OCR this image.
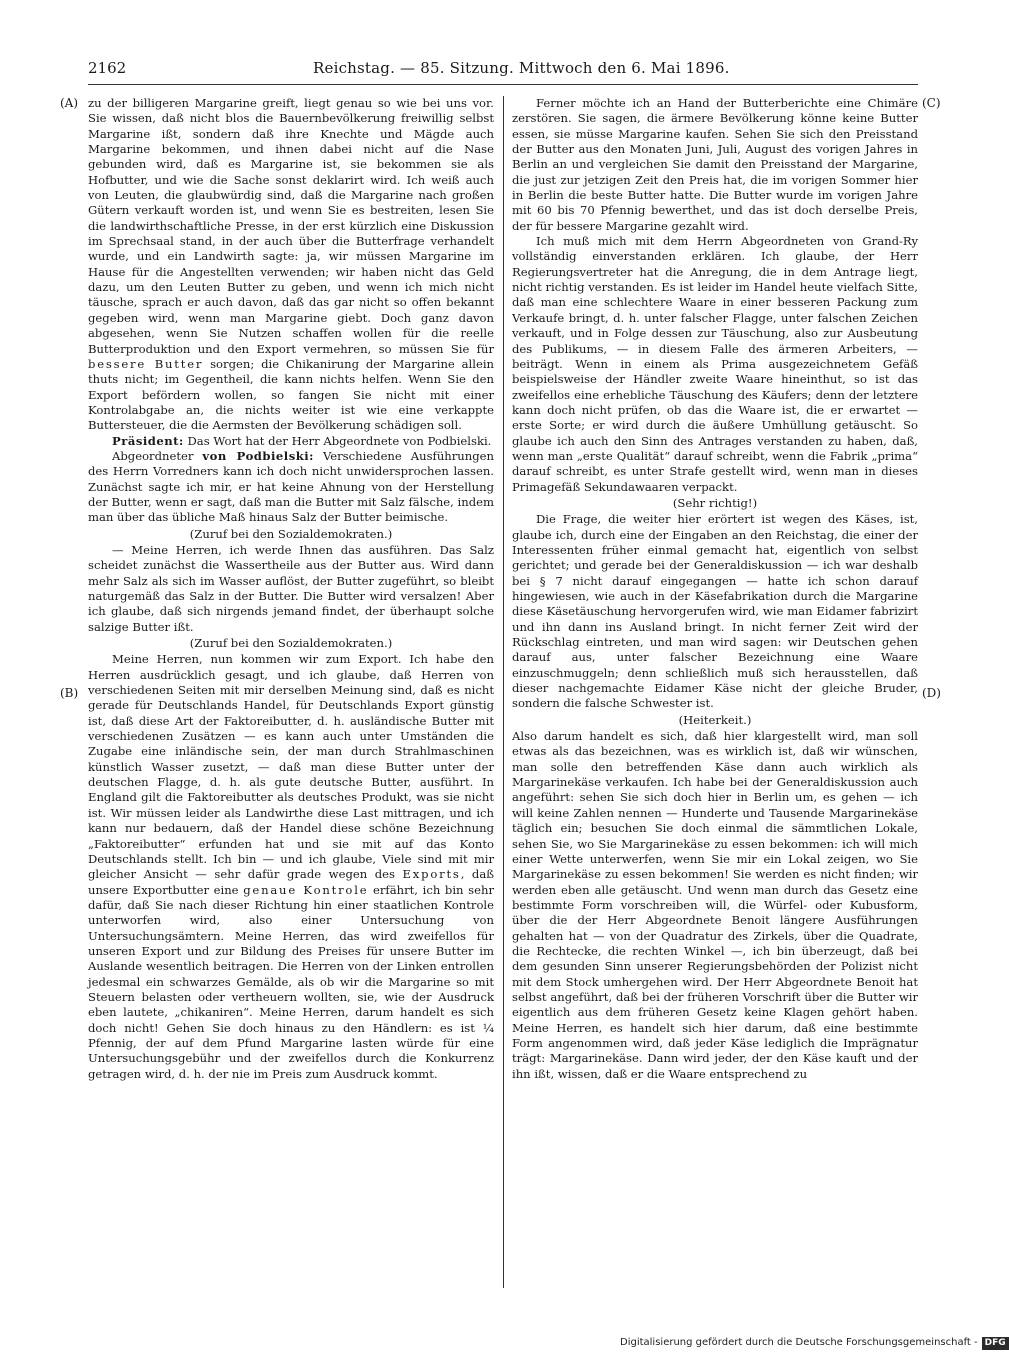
2162	Reichstag. — 85. Sitzung. Mittwoch den 6. Mai 1896.
(A)
(B)
(C)
(D)

zu der billigeren Margarine greift, liegt genau so wie bei uns vor. Sie wissen, daß nicht blos die Bauernbevölkerung freiwillig selbst Margarine ißt, sondern daß ihre Knechte und Mägde auch Margarine bekommen, und ihnen dabei nicht auf die Nase gebunden wird, daß es Margarine ist, sie bekommen sie als Hofbutter, und wie die Sache sonst deklarirt wird. Ich weiß auch von Leuten, die glaubwürdig sind, daß die Margarine nach großen Gütern verkauft worden ist, und wenn Sie es bestreiten, lesen Sie die landwirthschaftliche Presse, in der erst kürzlich eine Diskussion im Sprechsaal stand, in der auch über die Butterfrage verhandelt wurde, und ein Landwirth sagte: ja, wir müssen Margarine im Hause für die Angestellten verwenden; wir haben nicht das Geld dazu, um den Leuten Butter zu geben, und wenn ich mich nicht täusche, sprach er auch davon, daß das gar nicht so offen bekannt gegeben wird, wenn man Margarine giebt. Doch ganz davon abgesehen, wenn Sie Nutzen schaffen wollen für die reelle Butterproduktion und den Export vermehren, so müssen Sie für bessere Butter sorgen; die Chikanirung der Margarine allein thuts nicht; im Gegentheil, die kann nichts helfen. Wenn Sie den Export befördern wollen, so fangen Sie nicht mit einer Kontrolabgabe an, die nichts weiter ist wie eine verkappte Buttersteuer, die die Aermsten der Bevölkerung schädigen soll.

Präsident: Das Wort hat der Herr Abgeordnete von Podbielski.

Abgeordneter von Podbielski: Verschiedene Ausführungen des Herrn Vorredners kann ich doch nicht unwidersprochen lassen. Zunächst sagte ich mir, er hat keine Ahnung von der Herstellung der Butter, wenn er sagt, daß man die Butter mit Salz fälsche, indem man über das übliche Maß hinaus Salz der Butter beimische.

(Zuruf bei den Sozialdemokraten.)

— Meine Herren, ich werde Ihnen das ausführen. Das Salz scheidet zunächst die Wassertheile aus der Butter aus. Wird dann mehr Salz als sich im Wasser auflöst, der Butter zugeführt, so bleibt naturgemäß das Salz in der Butter. Die Butter wird versalzen! Aber ich glaube, daß sich nirgends jemand findet, der überhaupt solche salzige Butter ißt.

(Zuruf bei den Sozialdemokraten.)

Meine Herren, nun kommen wir zum Export. Ich habe den Herren ausdrücklich gesagt, und ich glaube, daß Herren von verschiedenen Seiten mit mir derselben Meinung sind, daß es nicht gerade für Deutschlands Handel, für Deutschlands Export günstig ist, daß diese Art der Faktoreibutter, d. h. ausländische Butter mit verschiedenen Zusätzen — es kann auch unter Umständen die Zugabe eine inländische sein, der man durch Strahlmaschinen künstlich Wasser zusetzt, — daß man diese Butter unter der deutschen Flagge, d. h. als gute deutsche Butter, ausführt. In England gilt die Faktoreibutter als deutsches Produkt, was sie nicht ist. Wir müssen leider als Landwirthe diese Last mittragen, und ich kann nur bedauern, daß der Handel diese schöne Bezeichnung „Faktoreibutter“ erfunden hat und sie mit auf das Konto Deutschlands stellt. Ich bin — und ich glaube, Viele sind mit mir gleicher Ansicht — sehr dafür grade wegen des Exports, daß unsere Exportbutter eine genaue Kontrole erfährt, ich bin sehr dafür, daß Sie nach dieser Richtung hin einer staatlichen Kontrole unterworfen wird, also einer Untersuchung von Untersuchungsämtern. Meine Herren, das wird zweifellos für unseren Export und zur Bildung des Preises für unsere Butter im Auslande wesentlich beitragen. Die Herren von der Linken entrollen jedesmal ein schwarzes Gemälde, als ob wir die Margarine so mit Steuern belasten oder vertheuern wollten, sie, wie der Ausdruck eben lautete, „chikaniren“. Meine Herren, darum handelt es sich doch nicht! Gehen Sie doch hinaus zu den Händlern: es ist ¼ Pfennig, der auf dem Pfund Margarine lasten würde für eine Untersuchungsgebühr und der zweifellos durch die Konkurrenz getragen wird, d. h. der nie im Preis zum Ausdruck kommt.

Ferner möchte ich an Hand der Butterberichte eine Chimäre zerstören. Sie sagen, die ärmere Bevölkerung könne keine Butter essen, sie müsse Margarine kaufen. Sehen Sie sich den Preisstand der Butter aus den Monaten Juni, Juli, August des vorigen Jahres in Berlin an und vergleichen Sie damit den Preisstand der Margarine, die just zur jetzigen Zeit den Preis hat, die im vorigen Sommer hier in Berlin die beste Butter hatte. Die Butter wurde im vorigen Jahre mit 60 bis 70 Pfennig bewerthet, und das ist doch derselbe Preis, der für bessere Margarine gezahlt wird.

Ich muß mich mit dem Herrn Abgeordneten von Grand-Ry vollständig einverstanden erklären. Ich glaube, der Herr Regierungsvertreter hat die Anregung, die in dem Antrage liegt, nicht richtig verstanden. Es ist leider im Handel heute vielfach Sitte, daß man eine schlechtere Waare in einer besseren Packung zum Verkaufe bringt, d. h. unter falscher Flagge, unter falschen Zeichen verkauft, und in Folge dessen zur Täuschung, also zur Ausbeutung des Publikums, — in diesem Falle des ärmeren Arbeiters, — beiträgt. Wenn in einem als Prima ausgezeichnetem Gefäß beispielsweise der Händler zweite Waare hineinthut, so ist das zweifellos eine erhebliche Täuschung des Käufers; denn der letztere kann doch nicht prüfen, ob das die Waare ist, die er erwartet — erste Sorte; er wird durch die äußere Umhüllung getäuscht. So glaube ich auch den Sinn des Antrages verstanden zu haben, daß, wenn man „erste Qualität“ darauf schreibt, wenn die Fabrik „prima“ darauf schreibt, es unter Strafe gestellt wird, wenn man in dieses Primagefäß Sekundawaaren verpackt.

(Sehr richtig!)

Die Frage, die weiter hier erörtert ist wegen des Käses, ist, glaube ich, durch eine der Eingaben an den Reichstag, die einer der Interessenten früher einmal gemacht hat, eigentlich von selbst gerichtet; und gerade bei der Generaldiskussion — ich war deshalb bei § 7 nicht darauf eingegangen — hatte ich schon darauf hingewiesen, wie auch in der Käsefabrikation durch die Margarine diese Käsetäuschung hervorgerufen wird, wie man Eidamer fabrizirt und ihn dann ins Ausland bringt. In nicht ferner Zeit wird der Rückschlag eintreten, und man wird sagen: wir Deutschen gehen darauf aus, unter falscher Bezeichnung eine Waare einzuschmuggeln; denn schließlich muß sich herausstellen, daß dieser nachgemachte Eidamer Käse nicht der gleiche Bruder, sondern die falsche Schwester ist.

(Heiterkeit.)

Also darum handelt es sich, daß hier klargestellt wird, man soll etwas als das bezeichnen, was es wirklich ist, daß wir wünschen, man solle den betreffenden Käse dann auch wirklich als Margarinekäse verkaufen. Ich habe bei der Generaldiskussion auch angeführt: sehen Sie sich doch hier in Berlin um, es gehen — ich will keine Zahlen nennen — Hunderte und Tausende Margarinekäse täglich ein; besuchen Sie doch einmal die sämmtlichen Lokale, sehen Sie, wo Sie Margarinekäse zu essen bekommen: ich will mich einer Wette unterwerfen, wenn Sie mir ein Lokal zeigen, wo Sie Margarinekäse zu essen bekommen! Sie werden es nicht finden; wir werden eben alle getäuscht. Und wenn man durch das Gesetz eine bestimmte Form vorschreiben will, die Würfel- oder Kubusform, über die der Herr Abgeordnete Benoit längere Ausführungen gehalten hat — von der Quadratur des Zirkels, über die Quadrate, die Rechtecke, die rechten Winkel —, ich bin überzeugt, daß bei dem gesunden Sinn unserer Regierungsbehörden der Polizist nicht mit dem Stock umhergehen wird. Der Herr Abgeordnete Benoit hat selbst angeführt, daß bei der früheren Vorschrift über die Butter wir eigentlich aus dem früheren Gesetz keine Klagen gehört haben. Meine Herren, es handelt sich hier darum, daß eine bestimmte Form angenommen wird, daß jeder Käse lediglich die Imprägnatur trägt: Margarinekäse. Dann wird jeder, der den Käse kauft und der ihn ißt, wissen, daß er die Waare entsprechend zu

Digitalisierung gefördert durch die Deutsche Forschungsgemeinschaft - DFG
